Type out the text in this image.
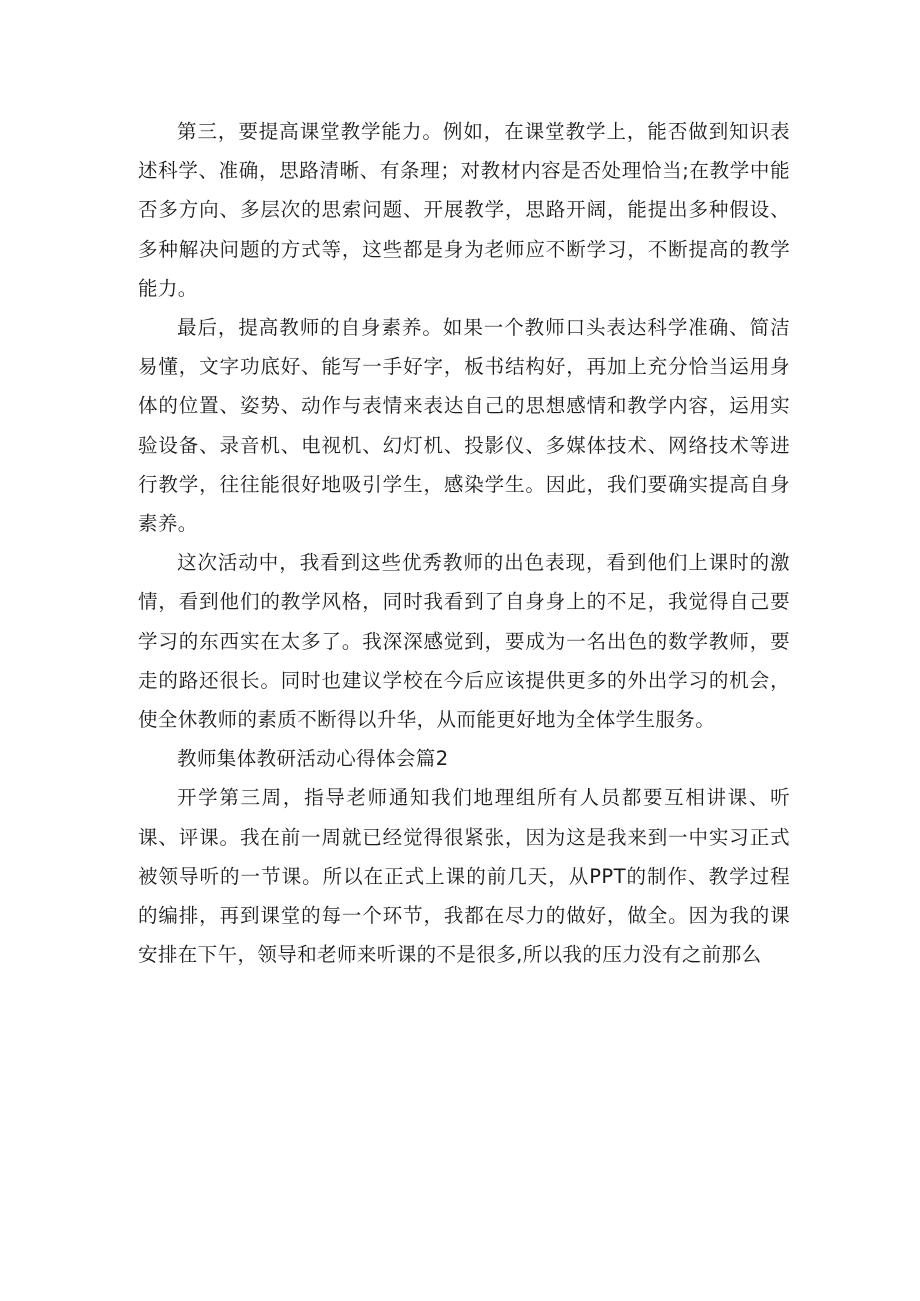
第三，要提高课堂教学能力。例如，在课堂教学上，能否做到知识表述科学、准确，思路清晰、有条理；对教材内容是否处理恰当;在教学中能否多方向、多层次的思索问题、开展教学，思路开阔，能提出多种假设、多种解决问题的方式等，这些都是身为老师应不断学习，不断提高的教学能力。

最后，提高教师的自身素养。如果一个教师口头表达科学准确、简洁易懂，文字功底好、能写一手好字，板书结构好，再加上充分恰当运用身体的位置、姿势、动作与表情来表达自己的思想感情和教学内容，运用实验设备、录音机、电视机、幻灯机、投影仪、多媒体技术、网络技术等进行教学，往往能很好地吸引学生，感染学生。因此，我们要确实提高自身素养。

这次活动中，我看到这些优秀教师的出色表现，看到他们上课时的激情，看到他们的教学风格，同时我看到了自身身上的不足，我觉得自己要学习的东西实在太多了。我深深感觉到，要成为一名出色的数学教师，要走的路还很长。同时也建议学校在今后应该提供更多的外出学习的机会，使全休教师的素质不断得以升华，从而能更好地为全体学生服务。

教师集体教研活动心得体会篇2

开学第三周，指导老师通知我们地理组所有人员都要互相讲课、听课、评课。我在前一周就已经觉得很紧张，因为这是我来到一中实习正式被领导听的一节课。所以在正式上课的前几天，从PPT的制作、教学过程的编排，再到课堂的每一个环节，我都在尽力的做好，做全。因为我的课安排在下午，领导和老师来听课的不是很多,所以我的压力没有之前那么
